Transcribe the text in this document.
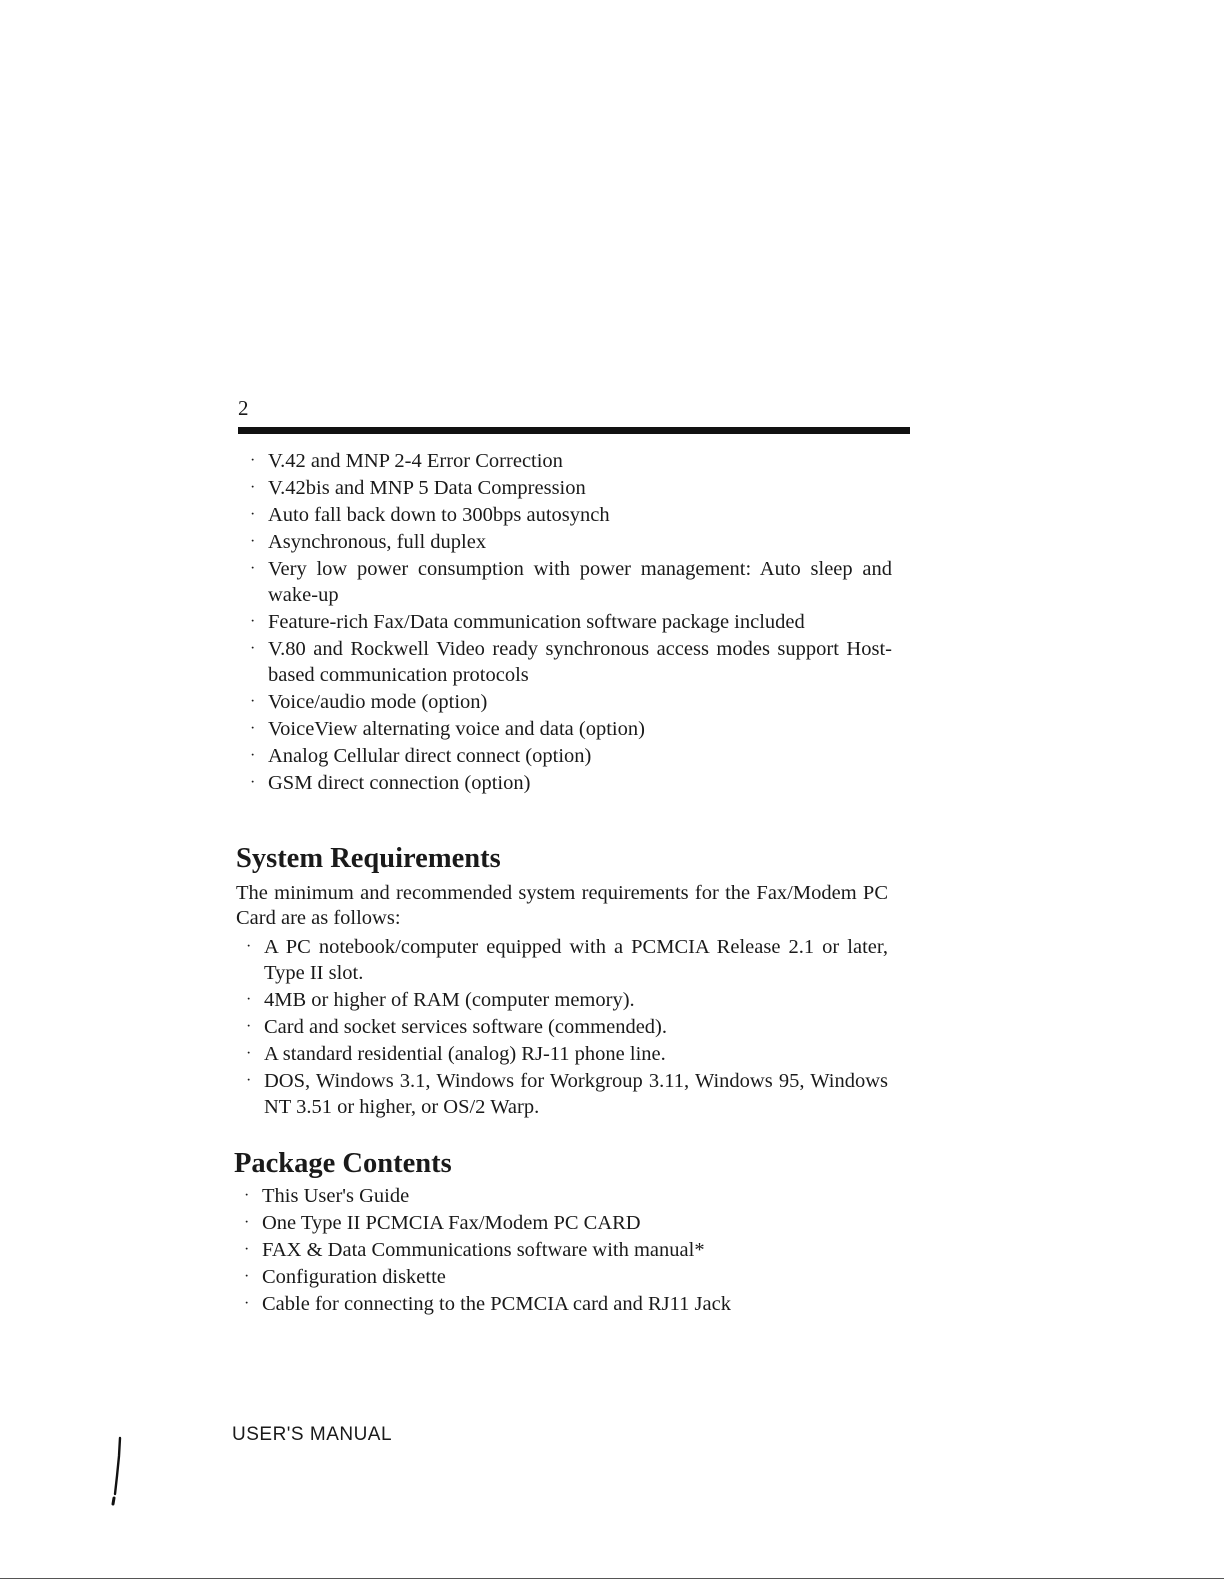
2
· V.42 and MNP 2-4 Error Correction
· V.42bis and MNP 5 Data Compression
· Auto fall back down to 300bps autosynch
· Asynchronous, full duplex
· Very low power consumption with power management: Auto sleep and wake-up
· Feature-rich Fax/Data communication software package included
· V.80 and Rockwell Video ready synchronous access modes support Host-based communication protocols
· Voice/audio mode (option)
· VoiceView alternating voice and data (option)
· Analog Cellular direct connect (option)
· GSM direct connection (option)
System Requirements

The minimum and recommended system requirements for the Fax/Modem PC Card are as follows:

· A PC notebook/computer equipped with a PCMCIA Release 2.1 or later, Type II slot.
· 4MB or higher of RAM (computer memory).
· Card and socket services software (commended).
· A standard residential (analog) RJ-11 phone line.
· DOS, Windows 3.1, Windows for Workgroup 3.11, Windows 95, Windows NT 3.51 or higher, or OS/2 Warp.
Package Contents
· This User's Guide
· One Type II PCMCIA Fax/Modem PC CARD
· FAX & Data Communications software with manual*
· Configuration diskette
· Cable for connecting to the PCMCIA card and RJ11 Jack
USER'S MANUAL
